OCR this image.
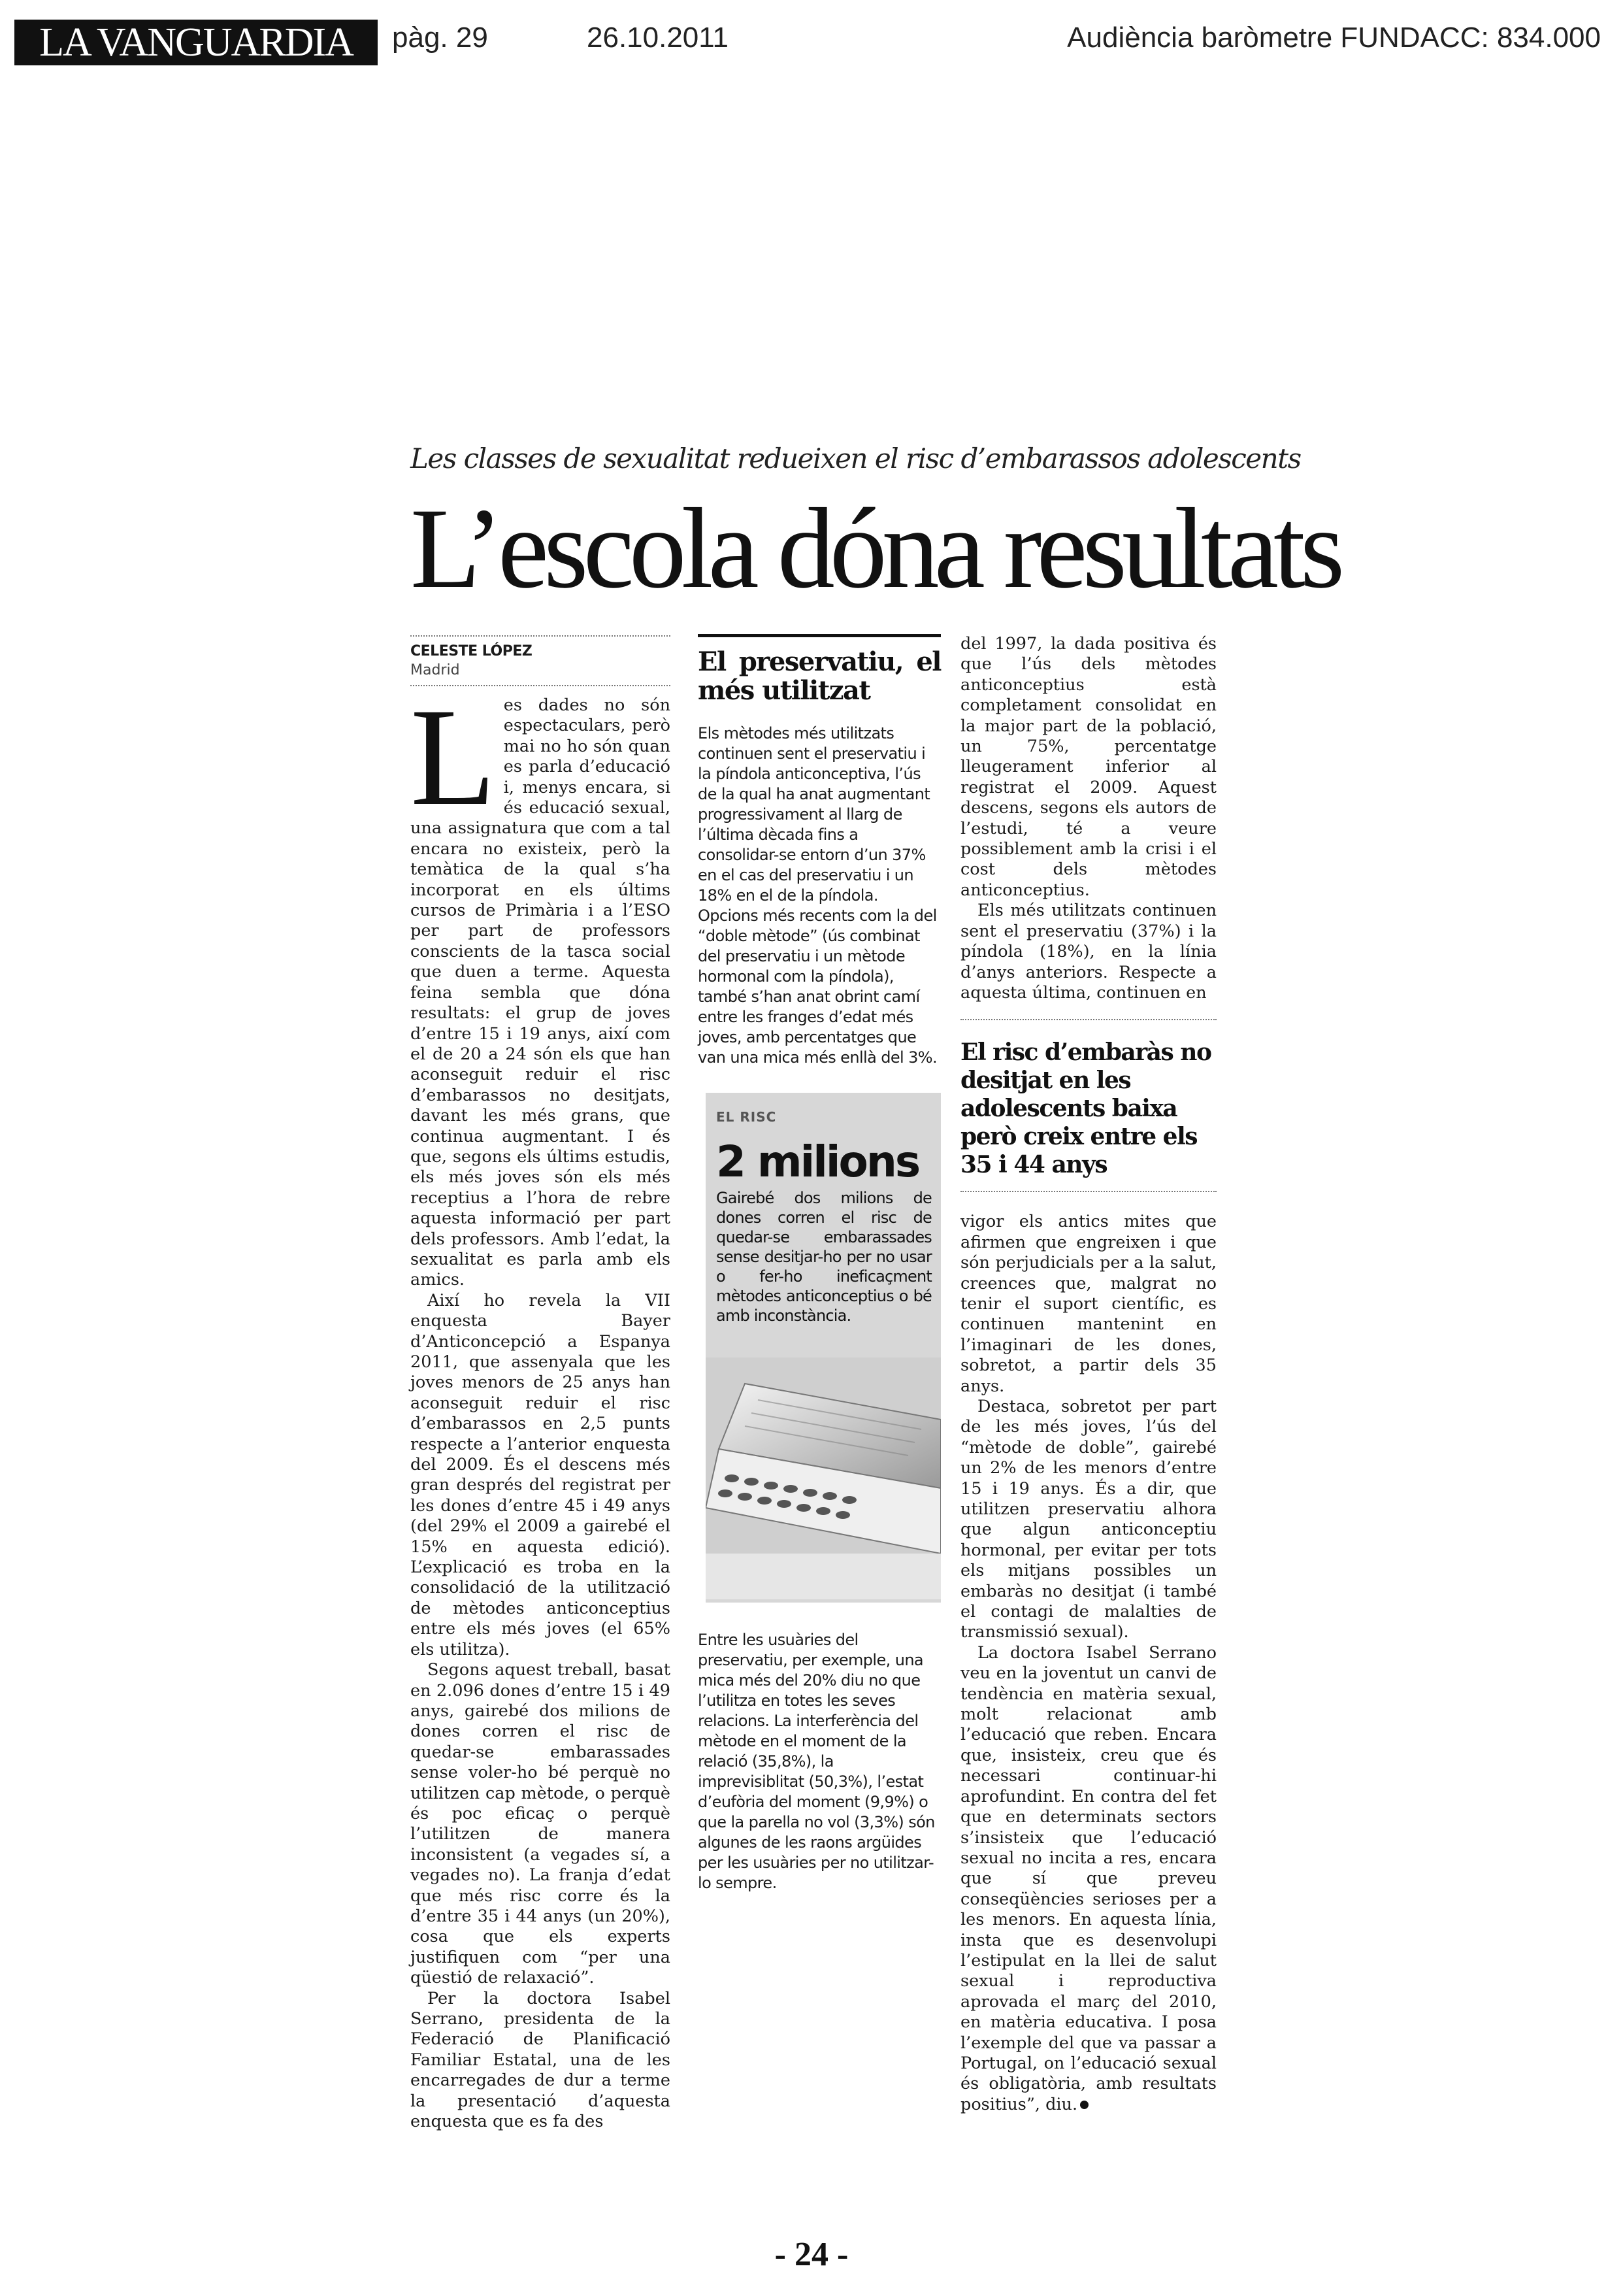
LA VANGUARDIA	pàg. 29	26.10.2011	Audiència baròmetre FUNDACC: 834.000
Les classes de sexualitat redueixen el risc d’embarassos adolescents
L’escola dóna resultats
CELESTE LÓPEZ
Madrid

Les dades no són espectaculars, però mai no ho són quan es parla d’educació i, menys encara, si és educació sexual, una assignatura que com a tal encara no existeix, però la temàtica de la qual s’ha incorporat en els últims cursos de Primària i a l’ESO per part de professors conscients de la tasca social que duen a terme. Aquesta feina sembla que dóna resultats: el grup de joves d’entre 15 i 19 anys, així com el de 20 a 24 són els que han aconseguit reduir el risc d’embarassos no desitjats, davant les més grans, que continua augmentant. I és que, segons els últims estudis, els més joves són els més receptius a l’hora de rebre aquesta informació per part dels professors. Amb l’edat, la sexualitat es parla amb els amics.

Així ho revela la VII enquesta Bayer d’Anticoncepció a Espanya 2011, que assenyala que les joves menors de 25 anys han aconseguit reduir el risc d’embarassos en 2,5 punts respecte a l’anterior enquesta del 2009. És el descens més gran després del registrat per les dones d’entre 45 i 49 anys (del 29% el 2009 a gairebé el 15% en aquesta edició). L’explicació es troba en la consolidació de la utilització de mètodes anticonceptius entre els més joves (el 65% els utilitza).

Segons aquest treball, basat en 2.096 dones d’entre 15 i 49 anys, gairebé dos milions de dones corren el risc de quedar-se embarassades sense voler-ho bé perquè no utilitzen cap mètode, o perquè és poc eficaç o perquè l’utilitzen de manera inconsistent (a vegades sí, a vegades no). La franja d’edat que més risc corre és la d’entre 35 i 44 anys (un 20%), cosa que els experts justifiquen com “per una qüestió de relaxació”.

Per la doctora Isabel Serrano, presidenta de la Federació de Planificació Familiar Estatal, una de les encarregades de dur a terme la presentació d’aquesta enquesta que es fa des

El preservatiu, el més utilitzat

Els mètodes més utilitzats continuen sent el preservatiu i la píndola anticonceptiva, l’ús de la qual ha anat augmentant progressivament al llarg de l’última dècada fins a consolidar-se entorn d’un 37% en el cas del preservatiu i un 18% en el de la píndola. Opcions més recents com la del “doble mètode” (ús combinat del preservatiu i un mètode hormonal com la píndola), també s’han anat obrint camí entre les franges d’edat més joves, amb percentatges que van una mica més enllà del 3%.

EL RISC
2 milions
Gairebé dos milions de dones corren el risc de quedar-se embarassades sense desitjar-ho per no usar o fer-ho ineficaçment mètodes anticonceptius o bé amb inconstància.

Entre les usuàries del preservatiu, per exemple, una mica més del 20% diu no que l’utilitza en totes les seves relacions. La interferència del mètode en el moment de la relació (35,8%), la imprevisiblitat (50,3%), l’estat d’eufòria del moment (9,9%) o que la parella no vol (3,3%) són algunes de les raons argüides per les usuàries per no utilitzar-lo sempre.

del 1997, la dada positiva és que l’ús dels mètodes anticonceptius està completament consolidat en la major part de la població, un 75%, percentatge lleugerament inferior al registrat el 2009. Aquest descens, segons els autors de l’estudi, té a veure possiblement amb la crisi i el cost dels mètodes anticonceptius.

Els més utilitzats continuen sent el preservatiu (37%) i la píndola (18%), en la línia d’anys anteriors. Respecte a aquesta última, continuen en

El risc d’embaràs no desitjat en les adolescents baixa però creix entre els 35 i 44 anys

vigor els antics mites que afirmen que engreixen i que són perjudicials per a la salut, creences que, malgrat no tenir el suport científic, es continuen mantenint en l’imaginari de les dones, sobretot, a partir dels 35 anys.

Destaca, sobretot per part de les més joves, l’ús del “mètode de doble”, gairebé un 2% de les menors d’entre 15 i 19 anys. És a dir, que utilitzen preservatiu alhora que algun anticonceptiu hormonal, per evitar per tots els mitjans possibles un embaràs no desitjat (i també el contagi de malalties de transmissió sexual).

La doctora Isabel Serrano veu en la joventut un canvi de tendència en matèria sexual, molt relacionat amb l’educació que reben. Encara que, insisteix, creu que és necessari continuar-hi aprofundint. En contra del fet que en determinats sectors s’insisteix que l’educació sexual no incita a res, encara que sí que preveu conseqüències serioses per a les menors. En aquesta línia, insta que es desenvolupi l’estipulat en la llei de salut sexual i reproductiva aprovada el març del 2010, en matèria educativa. I posa l’exemple del que va passar a Portugal, on l’educació sexual és obligatòria, amb resultats positius”, diu.

- 24 -
